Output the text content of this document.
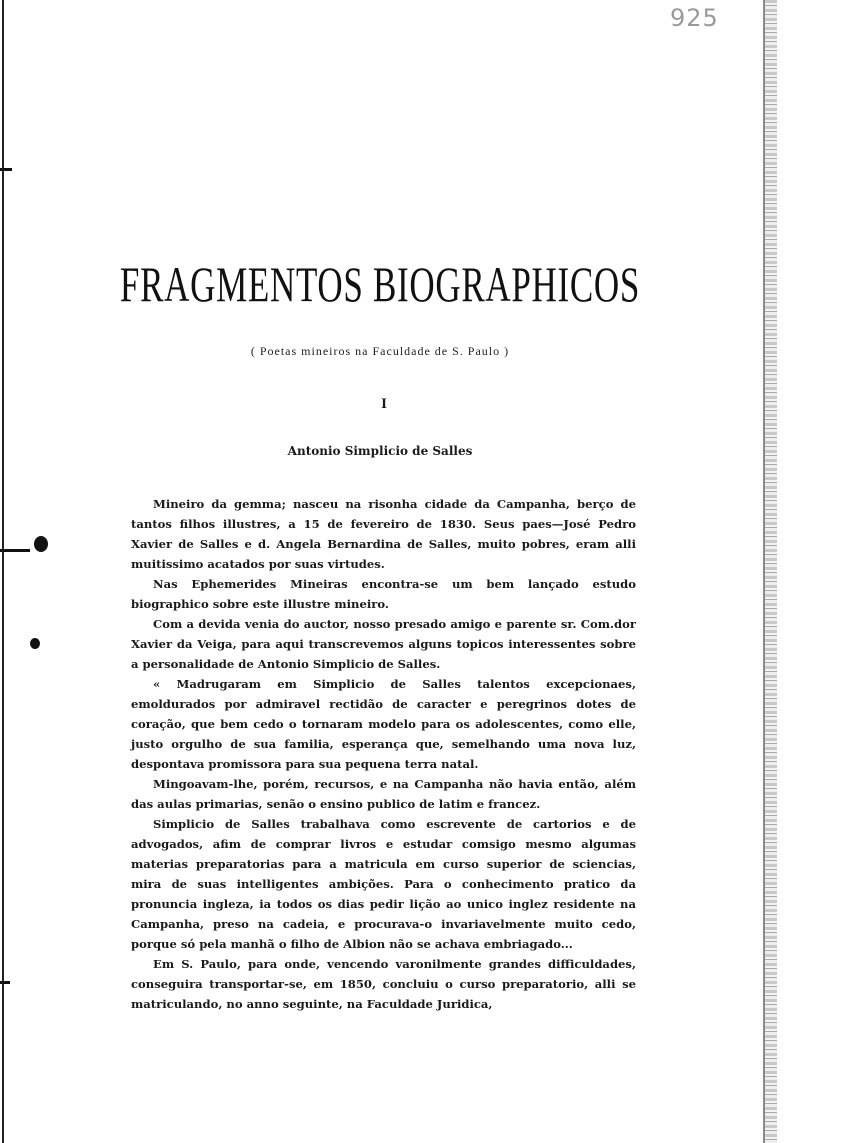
925
FRAGMENTOS BIOGRAPHICOS
( Poetas mineiros na Faculdade de S. Paulo )
I
Antonio Simplicio de Salles

Mineiro da gemma; nasceu na risonha cidade da Campanha, berço de tantos filhos illustres, a 15 de fevereiro de 1830. Seus paes—José Pedro Xavier de Salles e d. Angela Bernardina de Salles, muito pobres, eram alli muitissimo acatados por suas virtudes.

Nas Ephemerides Mineiras encontra-se um bem lançado estudo biographico sobre este illustre mineiro.

Com a devida venia do auctor, nosso presado amigo e parente sr. Com.dor Xavier da Veiga, para aqui transcrevemos alguns topicos interessentes sobre a personalidade de Antonio Simplicio de Salles.

« Madrugaram em Simplicio de Salles talentos excepcionaes, emoldurados por admiravel rectidão de caracter e peregrinos dotes de coração, que bem cedo o tornaram modelo para os adolescentes, como elle, justo orgulho de sua familia, esperança que, semelhando uma nova luz, despontava promissora para sua pequena terra natal.

Mingoavam-lhe, porém, recursos, e na Campanha não havia então, além das aulas primarias, senão o ensino publico de latim e francez.

Simplicio de Salles trabalhava como escrevente de cartorios e de advogados, afim de comprar livros e estudar comsigo mesmo algumas materias preparatorias para a matricula em curso superior de sciencias, mira de suas intelligentes ambições. Para o conhecimento pratico da pronuncia ingleza, ia todos os dias pedir lição ao unico inglez residente na Campanha, preso na cadeia, e procurava-o invariavelmente muito cedo, porque só pela manhã o filho de Albion não se achava embriagado...

Em S. Paulo, para onde, vencendo varonilmente grandes difficuldades, conseguira transportar-se, em 1850, concluiu o curso preparatorio, alli se matriculando, no anno seguinte, na Faculdade Juridica,
